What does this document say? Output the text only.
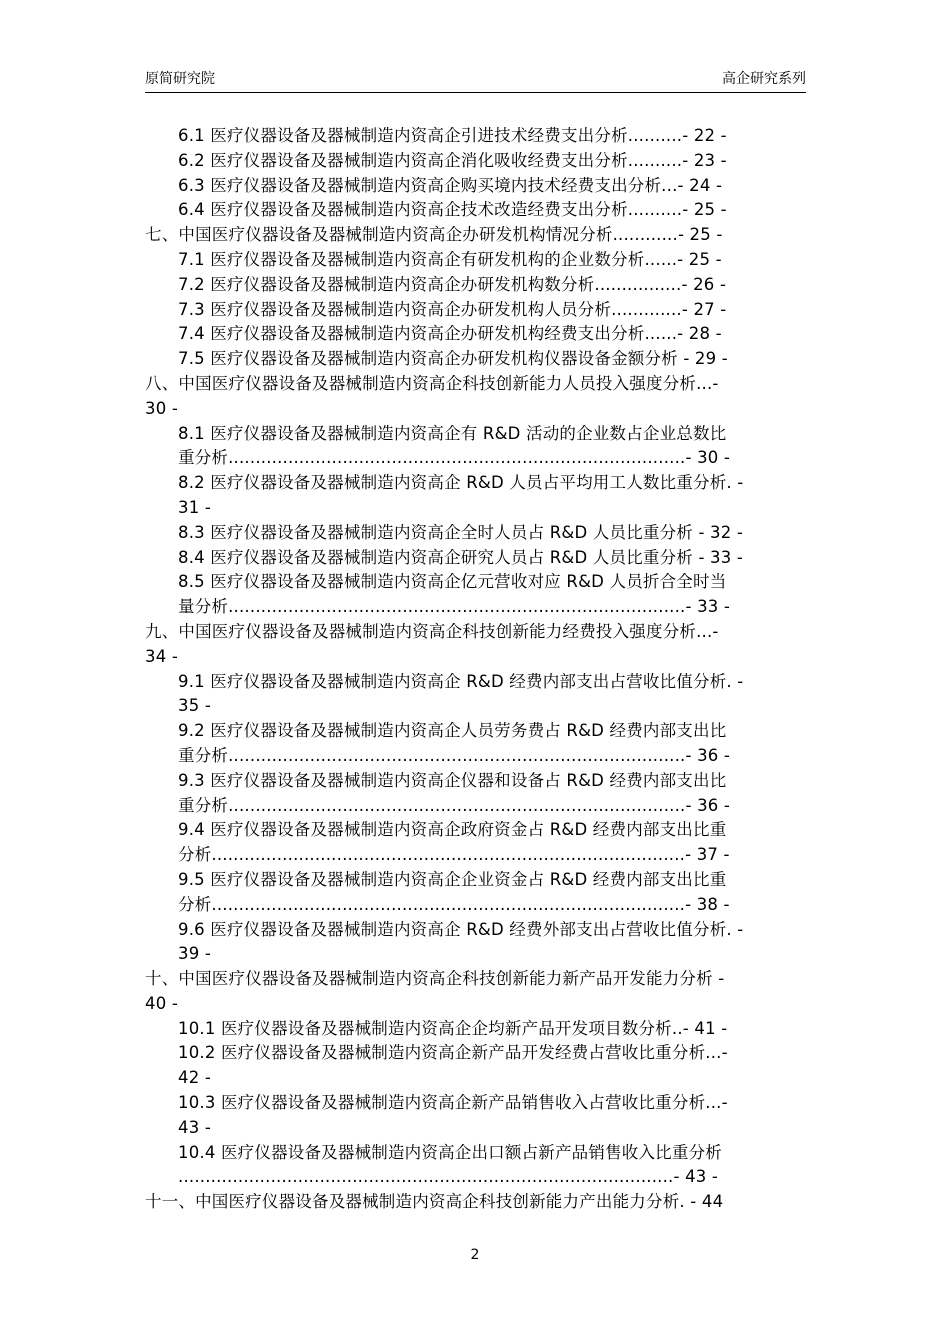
原简研究院	高企研究系列
6.1 医疗仪器设备及器械制造内资高企引进技术经费支出分析..........- 22 -
6.2 医疗仪器设备及器械制造内资高企消化吸收经费支出分析..........- 23 -
6.3 医疗仪器设备及器械制造内资高企购买境内技术经费支出分析...- 24 -
6.4 医疗仪器设备及器械制造内资高企技术改造经费支出分析..........- 25 -
七、中国医疗仪器设备及器械制造内资高企办研发机构情况分析............- 25 -
7.1 医疗仪器设备及器械制造内资高企有研发机构的企业数分析......- 25 -
7.2 医疗仪器设备及器械制造内资高企办研发机构数分析................- 26 -
7.3 医疗仪器设备及器械制造内资高企办研发机构人员分析.............- 27 -
7.4 医疗仪器设备及器械制造内资高企办研发机构经费支出分析......- 28 -
7.5 医疗仪器设备及器械制造内资高企办研发机构仪器设备金额分析 - 29 -
八、中国医疗仪器设备及器械制造内资高企科技创新能力人员投入强度分析...-
30 -
8.1 医疗仪器设备及器械制造内资高企有 R&D 活动的企业数占企业总数比
重分析....................................................................................- 30 -
8.2 医疗仪器设备及器械制造内资高企 R&D 人员占平均用工人数比重分析. -
31 -
8.3 医疗仪器设备及器械制造内资高企全时人员占 R&D 人员比重分析 - 32 -
8.4 医疗仪器设备及器械制造内资高企研究人员占 R&D 人员比重分析 - 33 -
8.5 医疗仪器设备及器械制造内资高企亿元营收对应 R&D 人员折合全时当
量分析....................................................................................- 33 -
九、中国医疗仪器设备及器械制造内资高企科技创新能力经费投入强度分析...-
34 -
9.1 医疗仪器设备及器械制造内资高企 R&D 经费内部支出占营收比值分析. -
35 -
9.2 医疗仪器设备及器械制造内资高企人员劳务费占 R&D 经费内部支出比
重分析....................................................................................- 36 -
9.3 医疗仪器设备及器械制造内资高企仪器和设备占 R&D 经费内部支出比
重分析....................................................................................- 36 -
9.4 医疗仪器设备及器械制造内资高企政府资金占 R&D 经费内部支出比重
分析.......................................................................................- 37 -
9.5 医疗仪器设备及器械制造内资高企企业资金占 R&D 经费内部支出比重
分析.......................................................................................- 38 -
9.6 医疗仪器设备及器械制造内资高企 R&D 经费外部支出占营收比值分析. -
39 -
十、中国医疗仪器设备及器械制造内资高企科技创新能力新产品开发能力分析 -
40 -
10.1 医疗仪器设备及器械制造内资高企企均新产品开发项目数分析..- 41 -
10.2 医疗仪器设备及器械制造内资高企新产品开发经费占营收比重分析...-
42 -
10.3 医疗仪器设备及器械制造内资高企新产品销售收入占营收比重分析...-
43 -
10.4 医疗仪器设备及器械制造内资高企出口额占新产品销售收入比重分析
...........................................................................................- 43 -
十一、中国医疗仪器设备及器械制造内资高企科技创新能力产出能力分析. - 44
2
